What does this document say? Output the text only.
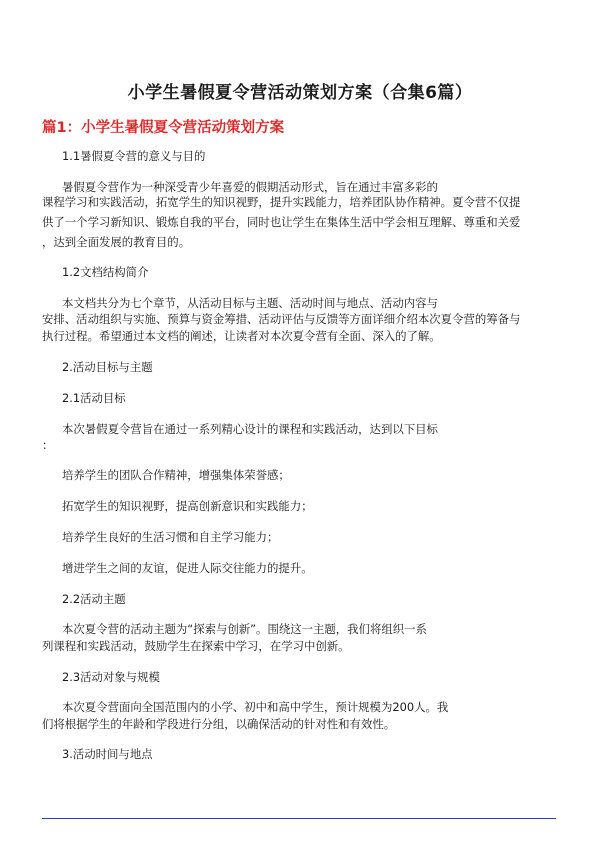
小学生暑假夏令营活动策划方案（合集6篇）
篇1：小学生暑假夏令营活动策划方案
1.1暑假夏令营的意义与目的
暑假夏令营作为一种深受青少年喜爱的假期活动形式，旨在通过丰富多彩的
课程学习和实践活动，拓宽学生的知识视野，提升实践能力，培养团队协作精神。夏令营不仅提
供了一个学习新知识、锻炼自我的平台，同时也让学生在集体生活中学会相互理解、尊重和关爱
，达到全面发展的教育目的。
1.2文档结构简介
本文档共分为七个章节，从活动目标与主题、活动时间与地点、活动内容与
安排、活动组织与实施、预算与资金筹措、活动评估与反馈等方面详细介绍本次夏令营的筹备与
执行过程。希望通过本文档的阐述，让读者对本次夏令营有全面、深入的了解。
2.活动目标与主题
2.1活动目标
本次暑假夏令营旨在通过一系列精心设计的课程和实践活动，达到以下目标
：
培养学生的团队合作精神，增强集体荣誉感；
拓宽学生的知识视野，提高创新意识和实践能力；
培养学生良好的生活习惯和自主学习能力；
增进学生之间的友谊，促进人际交往能力的提升。
2.2活动主题
本次夏令营的活动主题为“探索与创新”。围绕这一主题，我们将组织一系
列课程和实践活动，鼓励学生在探索中学习，在学习中创新。
2.3活动对象与规模
本次夏令营面向全国范围内的小学、初中和高中学生，预计规模为200人。我
们将根据学生的年龄和学段进行分组，以确保活动的针对性和有效性。
3.活动时间与地点
